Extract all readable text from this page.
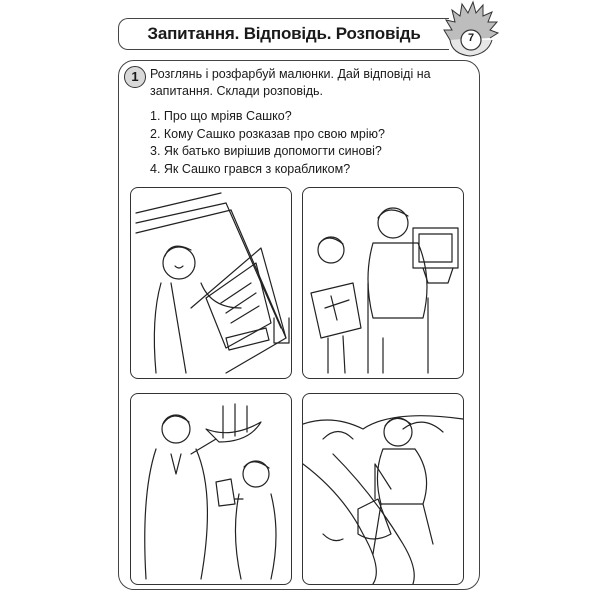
Запитання. Відповідь. Розповідь	7
1 Розглянь і розфарбуй малюнки. Дай відповіді на запитання. Склади розповідь.
1. Про що мріяв Сашко?
2. Кому Сашко розказав про свою мрію?
3. Як батько вирішив допомогти синові?
4. Як Сашко грався з корабликом?
